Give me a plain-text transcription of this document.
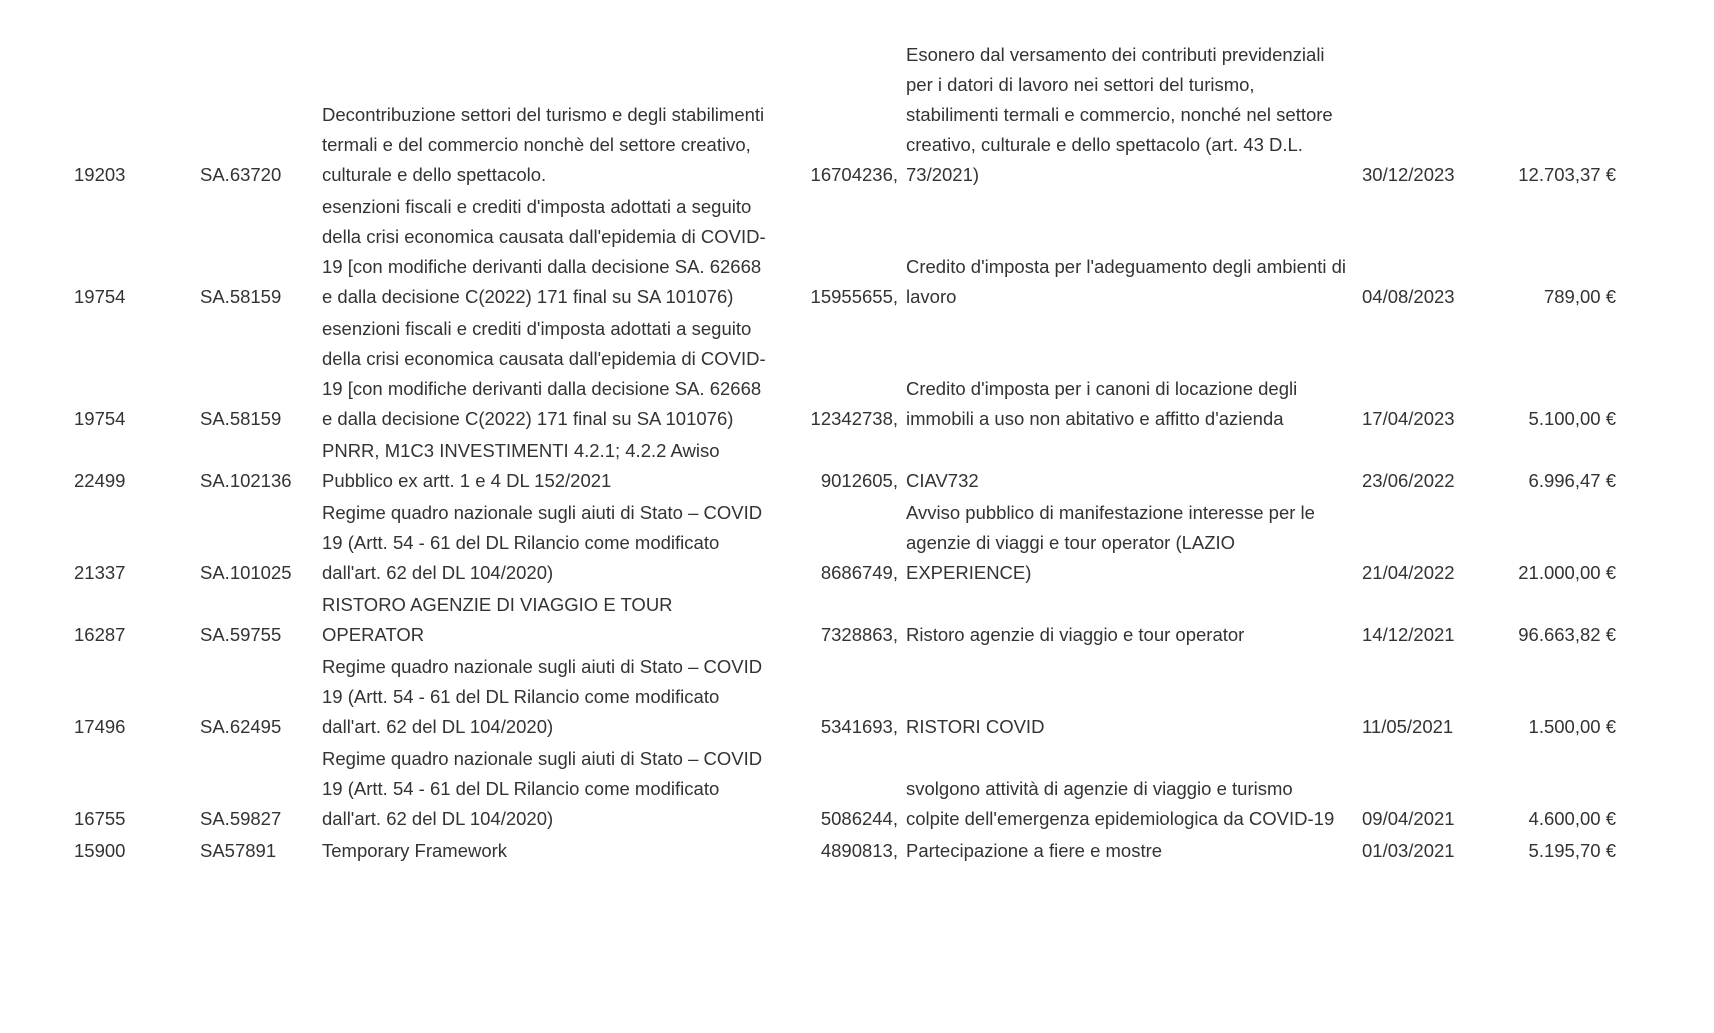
19203	SA.63720	Decontribuzione settori del turismo e degli stabilimenti termali e del commercio nonchè del settore creativo, culturale e dello spettacolo.	16704236,		Esonero dal versamento dei contributi previdenziali per i datori di lavoro nei settori del turismo, stabilimenti termali e commercio, nonché nel settore creativo, culturale e dello spettacolo (art. 43 D.L. 73/2021)	30/12/2023	12.703,37 €
19754	SA.58159	esenzioni fiscali e crediti d'imposta adottati a seguito della crisi economica causata dall'epidemia di COVID-19 [con modifiche derivanti dalla decisione SA. 62668 e dalla decisione C(2022) 171 final su SA 101076)	15955655,		Credito d'imposta per l'adeguamento degli ambienti di lavoro	04/08/2023	789,00 €
19754	SA.58159	esenzioni fiscali e crediti d'imposta adottati a seguito della crisi economica causata dall'epidemia di COVID-19 [con modifiche derivanti dalla decisione SA. 62668 e dalla decisione C(2022) 171 final su SA 101076)	12342738,		Credito d'imposta per i canoni di locazione degli immobili a uso non abitativo e affitto d'azienda	17/04/2023	5.100,00 €
22499	SA.102136	PNRR, M1C3 INVESTIMENTI 4.2.1; 4.2.2 Awiso Pubblico ex artt. 1 e 4 DL 152/2021	9012605,		CIAV732	23/06/2022	6.996,47 €
21337	SA.101025	Regime quadro nazionale sugli aiuti di Stato – COVID 19 (Artt. 54 - 61 del DL Rilancio come modificato dall'art. 62 del DL 104/2020)	8686749,		Avviso pubblico di manifestazione interesse per le agenzie di viaggi e tour operator (LAZIO EXPERIENCE)	21/04/2022	21.000,00 €
16287	SA.59755	RISTORO AGENZIE DI VIAGGIO E TOUR OPERATOR	7328863,		Ristoro agenzie di viaggio e tour operator	14/12/2021	96.663,82 €
17496	SA.62495	Regime quadro nazionale sugli aiuti di Stato – COVID 19 (Artt. 54 - 61 del DL Rilancio come modificato dall'art. 62 del DL 104/2020)	5341693,		RISTORI COVID	11/05/2021	1.500,00 €
16755	SA.59827	Regime quadro nazionale sugli aiuti di Stato – COVID 19 (Artt. 54 - 61 del DL Rilancio come modificato dall'art. 62 del DL 104/2020)	5086244,		svolgono attività di agenzie di viaggio e turismo colpite dell'emergenza epidemiologica da COVID-19	09/04/2021	4.600,00 €
15900	SA57891	Temporary Framework	4890813,		Partecipazione a fiere e mostre	01/03/2021	5.195,70 €
